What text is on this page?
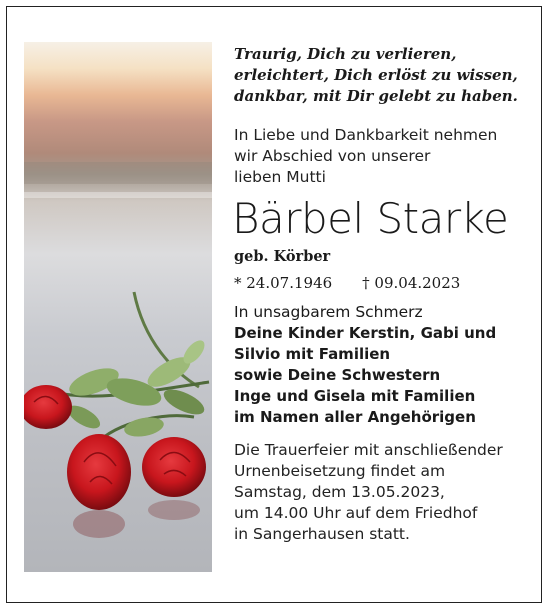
Traurig, Dich zu verlieren,
erleichtert, Dich erlöst zu wissen,
dankbar, mit Dir gelebt zu haben.

In Liebe und Dankbarkeit nehmen
wir Abschied von unserer
lieben Mutti

Bärbel Starke
geb. Körber
* 24.07.1946 † 09.04.2023

In unsagbarem Schmerz

Deine Kinder Kerstin, Gabi und
Silvio mit Familien
sowie Deine Schwestern
Inge und Gisela mit Familien
im Namen aller Angehörigen

Die Trauerfeier mit anschließender
Urnenbeisetzung findet am
Samstag, dem 13.05.2023,
um 14.00 Uhr auf dem Friedhof
in Sangerhausen statt.
